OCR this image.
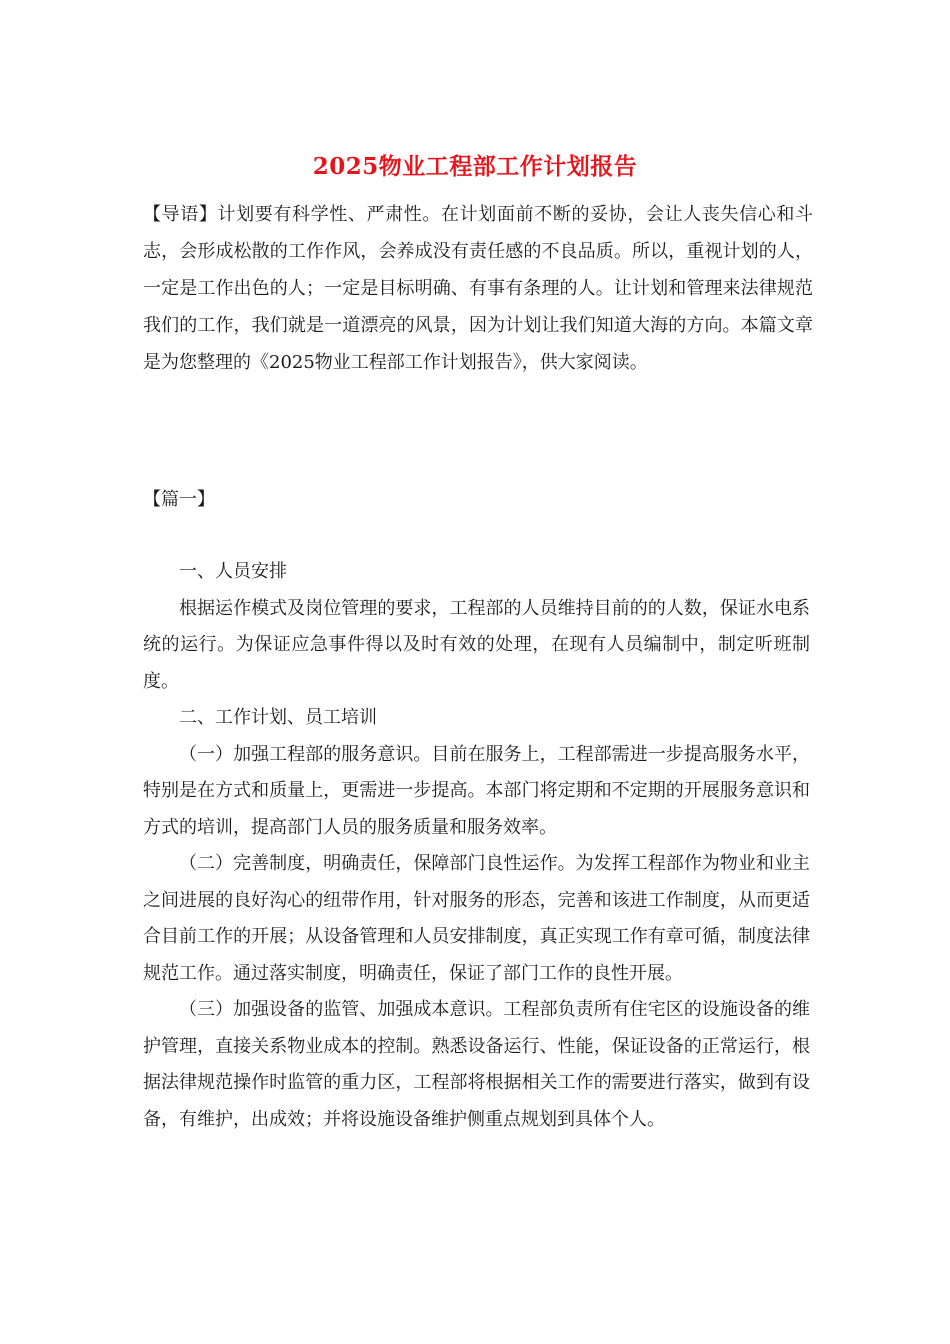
2025物业工程部工作计划报告
【导语】计划要有科学性、严肃性。在计划面前不断的妥协，会让人丧失信心和斗志，会形成松散的工作作风，会养成没有责任感的不良品质。所以，重视计划的人，一定是工作出色的人；一定是目标明确、有事有条理的人。让计划和管理来法律规范我们的工作，我们就是一道漂亮的风景，因为计划让我们知道大海的方向。本篇文章是为您整理的《2025物业工程部工作计划报告》，供大家阅读。
【篇一】

一、人员安排

根据运作模式及岗位管理的要求，工程部的人员维持目前的的人数，保证水电系统的运行。为保证应急事件得以及时有效的处理，在现有人员编制中，制定听班制度。

二、工作计划、员工培训

（一）加强工程部的服务意识。目前在服务上，工程部需进一步提高服务水平，特别是在方式和质量上，更需进一步提高。本部门将定期和不定期的开展服务意识和方式的培训，提高部门人员的服务质量和服务效率。

（二）完善制度，明确责任，保障部门良性运作。为发挥工程部作为物业和业主之间进展的良好沟心的纽带作用，针对服务的形态，完善和该进工作制度，从而更适合目前工作的开展；从设备管理和人员安排制度，真正实现工作有章可循，制度法律规范工作。通过落实制度，明确责任，保证了部门工作的良性开展。

（三）加强设备的监管、加强成本意识。工程部负责所有住宅区的设施设备的维护管理，直接关系物业成本的控制。熟悉设备运行、性能，保证设备的正常运行，根据法律规范操作时监管的重力区，工程部将根据相关工作的需要进行落实，做到有设备，有维护，出成效；并将设施设备维护侧重点规划到具体个人。
